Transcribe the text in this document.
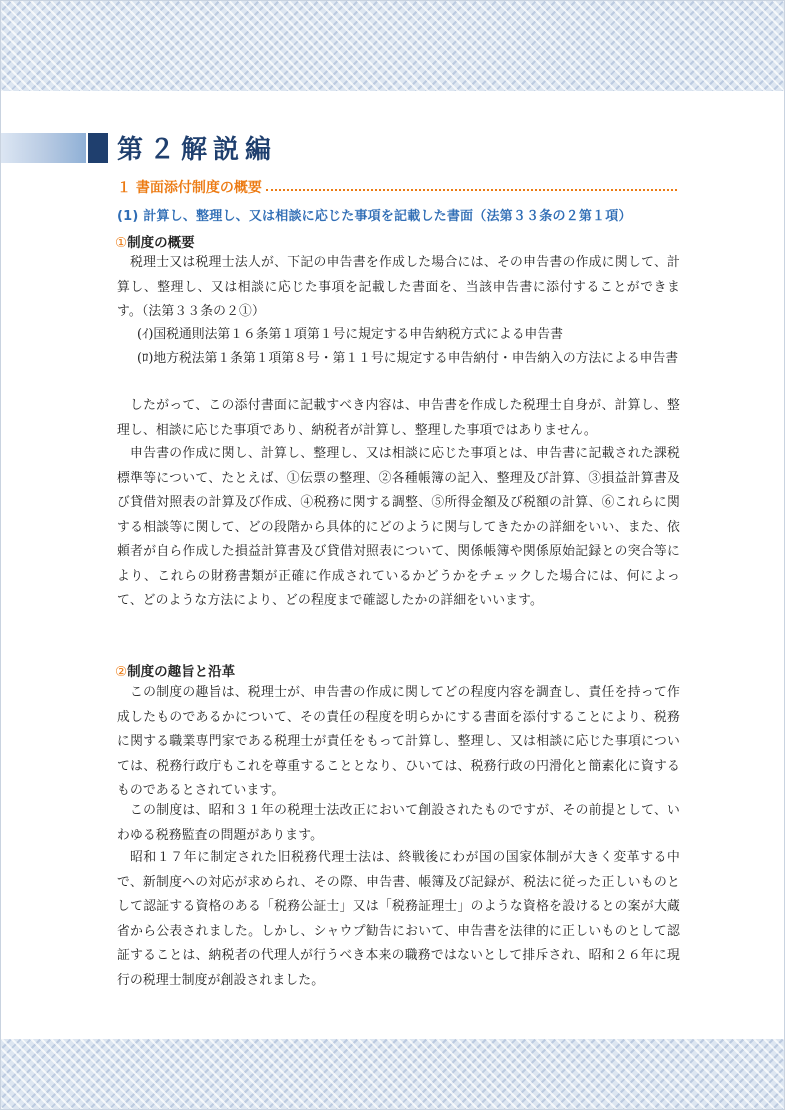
第２解説編
１ 書面添付制度の概要

(1) 計算し、整理し、又は相談に応じた事項を記載した書面（法第３３条の２第１項）

①制度の概要

税理士又は税理士法人が、下記の申告書を作成した場合には、その申告書の作成に関して、計算し、整理し、又は相談に応じた事項を記載した書面を、当該申告書に添付することができます。（法第３３条の２①）

(ｲ)国税通則法第１６条第１項第１号に規定する申告納税方式による申告書

(ﾛ)地方税法第１条第１項第８号・第１１号に規定する申告納付・申告納入の方法による申告書

したがって、この添付書面に記載すべき内容は、申告書を作成した税理士自身が、計算し、整理し、相談に応じた事項であり、納税者が計算し、整理した事項ではありません。

申告書の作成に関し、計算し、整理し、又は相談に応じた事項とは、申告書に記載された課税標準等について、たとえば、①伝票の整理、②各種帳簿の記入、整理及び計算、③損益計算書及び貸借対照表の計算及び作成、④税務に関する調整、⑤所得金額及び税額の計算、⑥これらに関する相談等に関して、どの段階から具体的にどのように関与してきたかの詳細をいい、また、依頼者が自ら作成した損益計算書及び貸借対照表について、関係帳簿や関係原始記録との突合等により、これらの財務書類が正確に作成されているかどうかをチェックした場合には、何によって、どのような方法により、どの程度まで確認したかの詳細をいいます。

②制度の趣旨と沿革

この制度の趣旨は、税理士が、申告書の作成に関してどの程度内容を調査し、責任を持って作成したものであるかについて、その責任の程度を明らかにする書面を添付することにより、税務に関する職業専門家である税理士が責任をもって計算し、整理し、又は相談に応じた事項については、税務行政庁もこれを尊重することとなり、ひいては、税務行政の円滑化と簡素化に資するものであるとされています。

この制度は、昭和３１年の税理士法改正において創設されたものですが、その前提として、いわゆる税務監査の問題があります。

昭和１７年に制定された旧税務代理士法は、終戦後にわが国の国家体制が大きく変革する中で、新制度への対応が求められ、その際、申告書、帳簿及び記録が、税法に従った正しいものとして認証する資格のある「税務公証士」又は「税務証理士」のような資格を設けるとの案が大蔵省から公表されました。しかし、シャウプ勧告において、申告書を法律的に正しいものとして認証することは、納税者の代理人が行うべき本来の職務ではないとして排斥され、昭和２６年に現行の税理士制度が創設されました。
